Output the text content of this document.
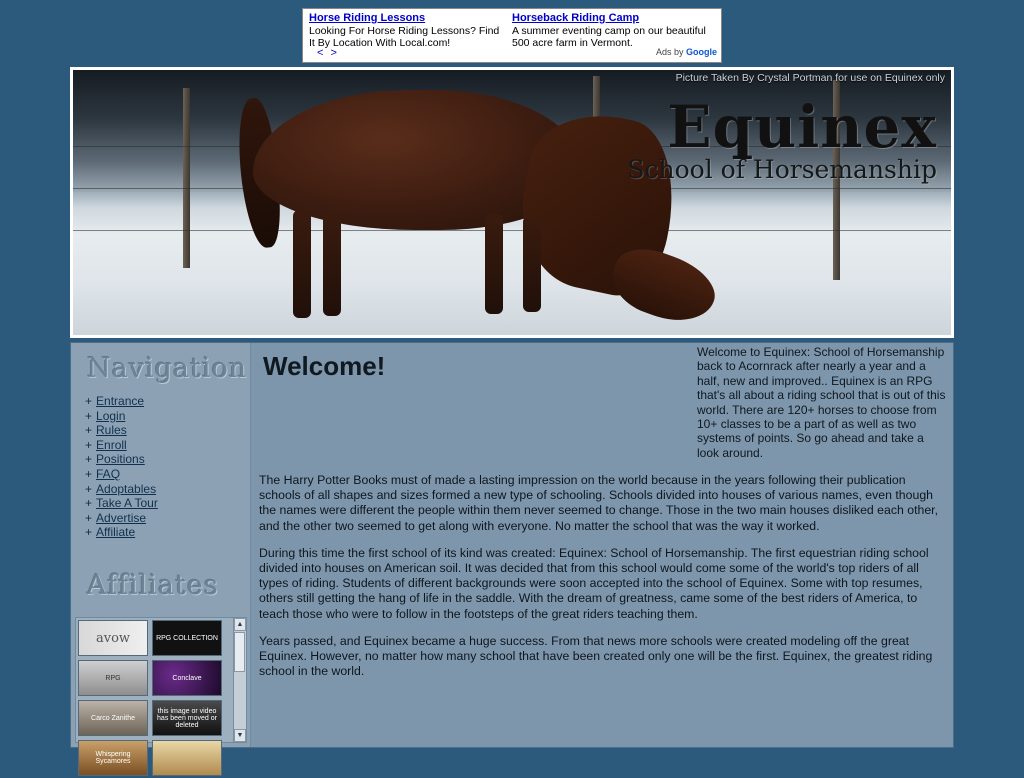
Horse Riding Lessons
Looking For Horse Riding Lessons? Find It By Location With Local.com!
Horseback Riding Camp
A summer eventing camp on our beautiful 500 acre farm in Vermont.
< >	Ads by Google
Picture Taken By Crystal Portman for use on Equinex only
Equinex
School of Horsemanship
Navigation
+ Entrance
+ Login
+ Rules
+ Enroll
+ Positions
+ FAQ
+ Adoptables
+ Take A Tour
+ Advertise
+ Affiliate
Affiliates
avow	RPG COLLECTION
RPG	Conclave
Carco Zanithe
this image or video has been moved or deleted
Whispering Sycamores
▲
▼
Welcome!	Welcome to Equinex: School of Horsemanship back to Acornrack after nearly a year and a half, new and improved.. Equinex is an RPG that's all about a riding school that is out of this world. There are 120+ horses to choose from 10+ classes to be a part of as well as two systems of points. So go ahead and take a look around.

The Harry Potter Books must of made a lasting impression on the world because in the years following their publication schools of all shapes and sizes formed a new type of schooling. Schools divided into houses of various names, even though the names were different the people within them never seemed to change. Those in the two main houses disliked each other, and the other two seemed to get along with everyone. No matter the school that was the way it worked.

During this time the first school of its kind was created: Equinex: School of Horsemanship. The first equestrian riding school divided into houses on American soil. It was decided that from this school would come some of the world's top riders of all types of riding. Students of different backgrounds were soon accepted into the school of Equinex. Some with top resumes, others still getting the hang of life in the saddle. With the dream of greatness, came some of the best riders of America, to teach those who were to follow in the footsteps of the great riders teaching them.

Years passed, and Equinex became a huge success. From that news more schools were created modeling off the great Equinex. However, no matter how many school that have been created only one will be the first. Equinex, the greatest riding school in the world.
